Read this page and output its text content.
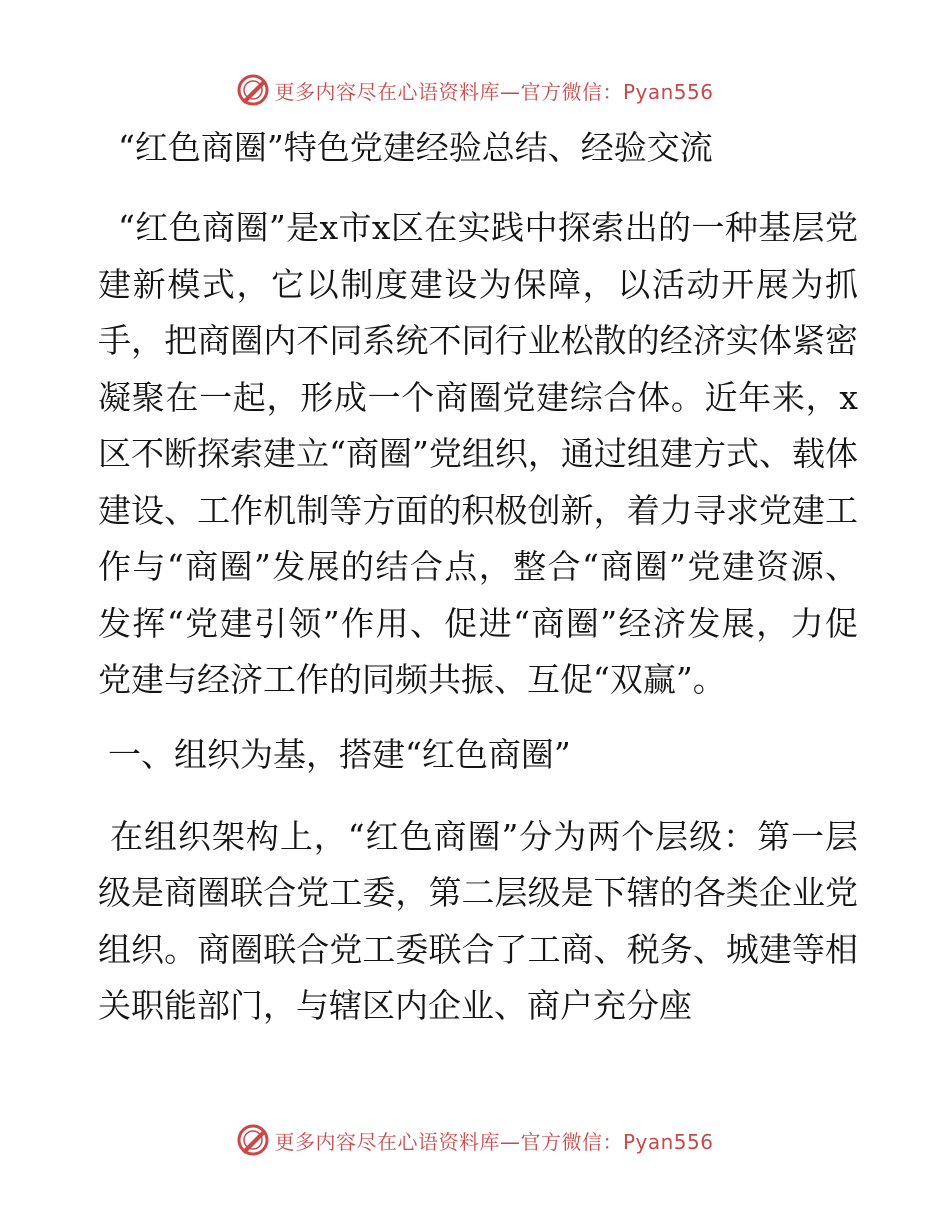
更多内容尽在心语资料库—官方微信：Pyan556
“红色商圈”特色党建经验总结、经验交流

“红色商圈”是x市x区在实践中探索出的一种基层党建新模式，它以制度建设为保障，以活动开展为抓手，把商圈内不同系统不同行业松散的经济实体紧密凝聚在一起，形成一个商圈党建综合体。近年来，x区不断探索建立“商圈”党组织，通过组建方式、载体建设、工作机制等方面的积极创新，着力寻求党建工作与“商圈”发展的结合点，整合“商圈”党建资源、发挥“党建引领”作用、促进“商圈”经济发展，力促党建与经济工作的同频共振、互促“双赢”。

一、组织为基，搭建“红色商圈”

在组织架构上，“红色商圈”分为两个层级：第一层级是商圈联合党工委，第二层级是下辖的各类企业党组织。商圈联合党工委联合了工商、税务、城建等相关职能部门，与辖区内企业、商户充分座

更多内容尽在心语资料库—官方微信：Pyan556
